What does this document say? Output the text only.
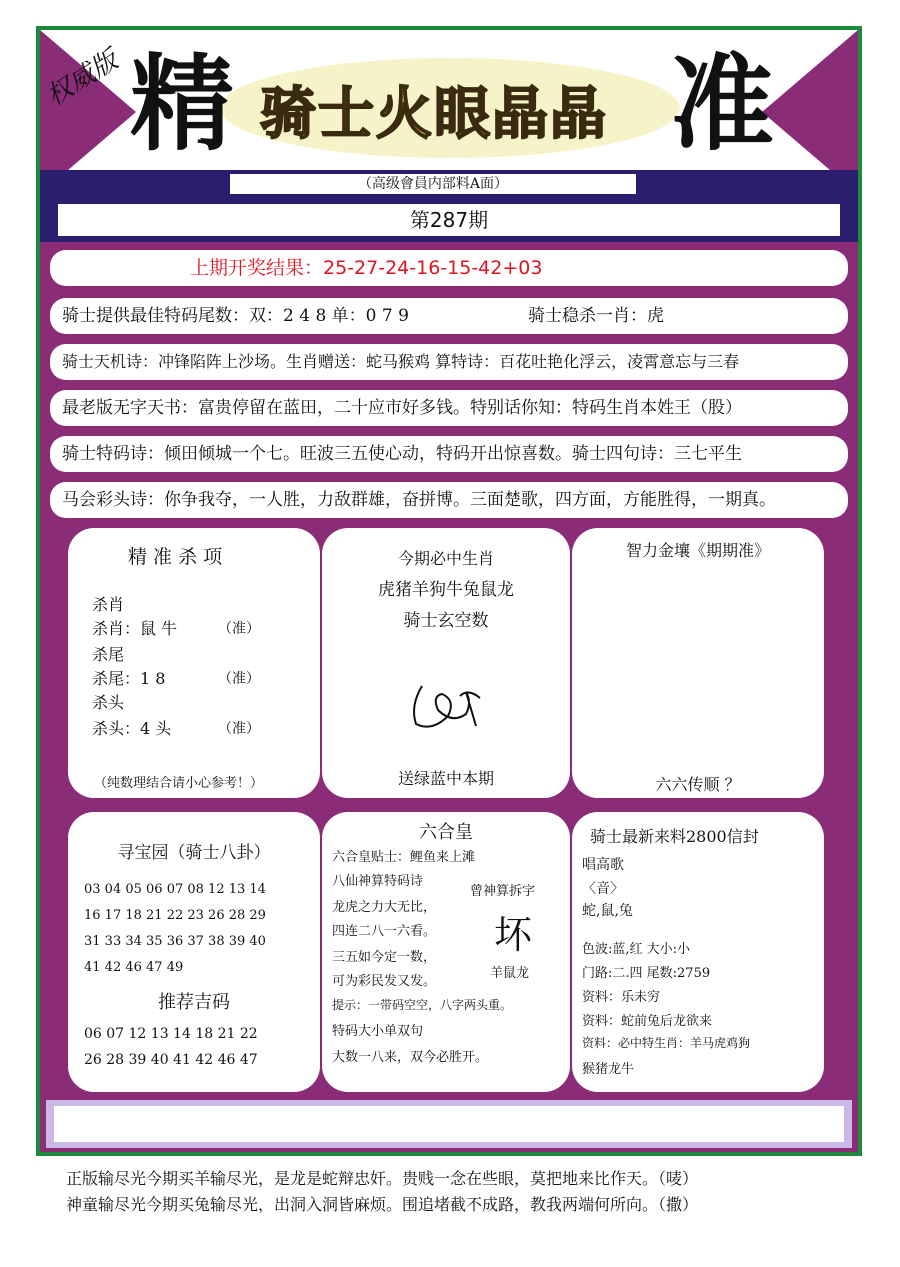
权威版 精 骑士火眼晶晶 准
（高级會員内部料A面）
第287期
上期开奖结果：25-27-24-16-15-42+03
骑士提供最佳特码尾数：双：2 4 8 单：0 7 9	骑士稳杀一肖：虎
骑士天机诗：冲锋陷阵上沙场。生肖赠送：蛇马猴鸡 算特诗：百花吐艳化浮云，凌霄意忘与三春
最老版无字天书：富贵停留在蓝田，二十应市好多钱。特别话你知：特码生肖本姓王（股）
骑士特码诗：倾田倾城一个七。旺波三五使心动，特码开出惊喜数。骑士四句诗：三七平生
马会彩头诗：你争我夺，一人胜，力敌群雄，奋拼博。三面楚歌，四方面，方能胜得，一期真。
精 准 杀 项
杀肖
杀肖：鼠 牛	（准）
杀尾
杀尾：1 8	（准）
杀头
杀头：4 头	（准）
（纯数理结合请小心参考！）
今期必中生肖
虎猪羊狗牛兔鼠龙
骑士玄空数
送绿蓝中本期
智力金壤《期期准》
六六传顺 ？
寻宝园（骑士八卦）
03 04 05 06 07 08 12 13 14
16 17 18 21 22 23 26 28 29
31 33 34 35 36 37 38 39 40
41 42 46 47 49
推荐吉码
06 07 12 13 14 18 21 22
26 28 39 40 41 42 46 47
六合皇
六合皇贴士：鲤鱼来上滩
八仙神算特码诗
龙虎之力大无比，
四连二八一六看。
三五如今定一数，
可为彩民发又发。
提示：一带码空空，八字两头重。
特码大小单双句
大数一八来，双今必胜开。
曾神算拆字
坏
羊鼠龙
骑士最新来料2800信封
唱高歌
〈音〉
蛇,鼠,兔
色波:蓝,红 大小:小
门路:二.四 尾数:2759
资料：乐未穷
资料：蛇前兔后龙欲来
资料：必中特生肖：羊马虎鸡狗
猴猪龙牛
正版输尽光今期买羊输尽光，是龙是蛇辩忠奸。贵贱一念在些眼，莫把地来比作天。（唛）
神童输尽光今期买兔输尽光，出洞入洞皆麻烦。围追堵截不成路，教我两端何所向。（撒）
